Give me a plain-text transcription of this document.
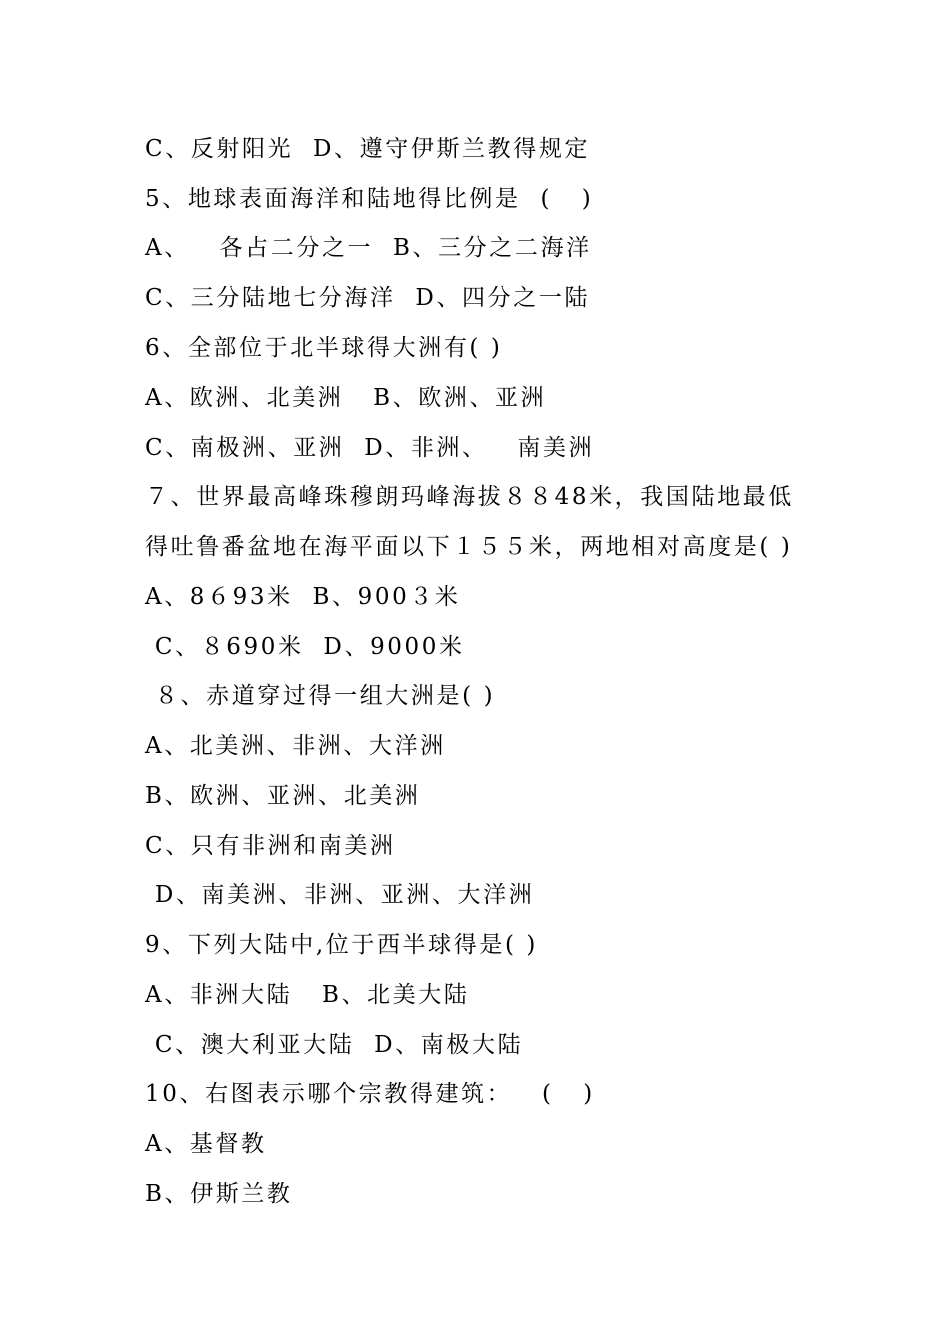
C、反射阳光  D、遵守伊斯兰教得规定
5、地球表面海洋和陆地得比例是  (   )
A、   各占二分之一  B、三分之二海洋
C、三分陆地七分海洋  D、四分之一陆
6、全部位于北半球得大洲有( )
A、欧洲、北美洲   B、欧洲、亚洲
C、南极洲、亚洲  D、非洲、   南美洲
７、世界最高峰珠穆朗玛峰海拔８８48米，我国陆地最低
得吐鲁番盆地在海平面以下１５５米，两地相对高度是( )
A、8６93米  B、900３米
C、８690米  D、9000米
８、赤道穿过得一组大洲是( )
A、北美洲、非洲、大洋洲
B、欧洲、亚洲、北美洲
C、只有非洲和南美洲
D、南美洲、非洲、亚洲、大洋洲
9、下列大陆中,位于西半球得是( )
A、非洲大陆   B、北美大陆
C、澳大利亚大陆  D、南极大陆
10、右图表示哪个宗教得建筑：   (   )
A、基督教
B、伊斯兰教
